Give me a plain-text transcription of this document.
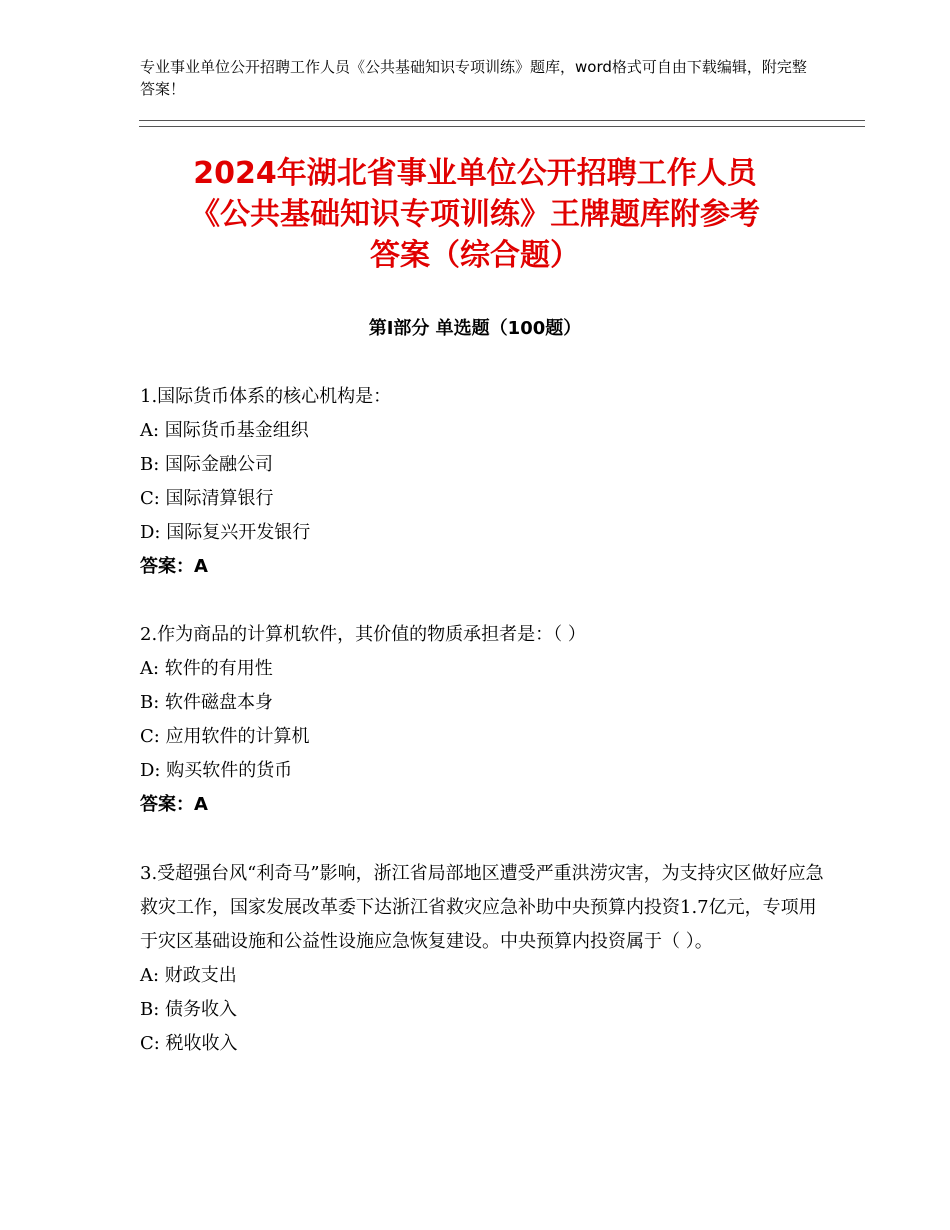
专业事业单位公开招聘工作人员《公共基础知识专项训练》题库，word格式可自由下载编辑，附完整答案！
2024年湖北省事业单位公开招聘工作人员
《公共基础知识专项训练》王牌题库附参考
答案（综合题）
第Ⅰ部分 单选题（100题）
1.国际货币体系的核心机构是：
A: 国际货币基金组织
B: 国际金融公司
C: 国际清算银行
D: 国际复兴开发银行
答案：A
2.作为商品的计算机软件，其价值的物质承担者是：（ ）
A: 软件的有用性
B: 软件磁盘本身
C: 应用软件的计算机
D: 购买软件的货币
答案：A
3.受超强台风“利奇马”影响，浙江省局部地区遭受严重洪涝灾害，为支持灾区做好应急救灾工作，国家发展改革委下达浙江省救灾应急补助中央预算内投资1.7亿元，专项用于灾区基础设施和公益性设施应急恢复建设。中央预算内投资属于（ ）。
A: 财政支出
B: 债务收入
C: 税收收入
